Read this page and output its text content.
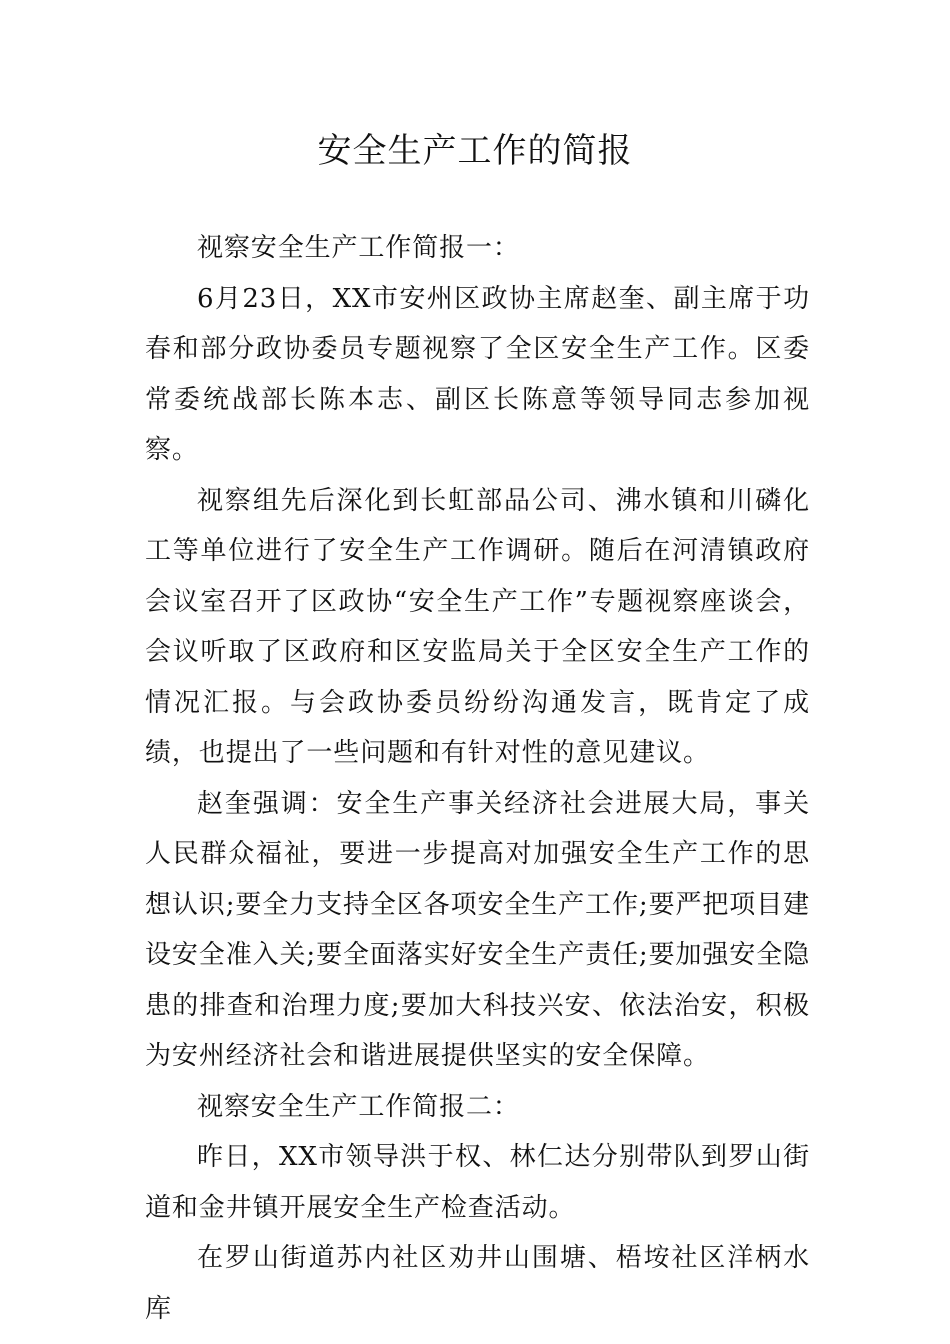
安全生产工作的简报

视察安全生产工作简报一：

6月23日，XX市安州区政协主席赵奎、副主席于功春和部分政协委员专题视察了全区安全生产工作。区委常委统战部长陈本志、副区长陈意等领导同志参加视察。

视察组先后深化到长虹部品公司、沸水镇和川磷化工等单位进行了安全生产工作调研。随后在河清镇政府会议室召开了区政协“安全生产工作”专题视察座谈会，会议听取了区政府和区安监局关于全区安全生产工作的情况汇报。与会政协委员纷纷沟通发言，既肯定了成绩，也提出了一些问题和有针对性的意见建议。

赵奎强调：安全生产事关经济社会进展大局，事关人民群众福祉，要进一步提高对加强安全生产工作的思想认识;要全力支持全区各项安全生产工作;要严把项目建设安全准入关;要全面落实好安全生产责任;要加强安全隐患的排查和治理力度;要加大科技兴安、依法治安，积极为安州经济社会和谐进展提供坚实的安全保障。

视察安全生产工作简报二：

昨日，XX市领导洪于权、林仁达分别带队到罗山街道和金井镇开展安全生产检查活动。

在罗山街道苏内社区劝井山围塘、梧垵社区洋柄水库
